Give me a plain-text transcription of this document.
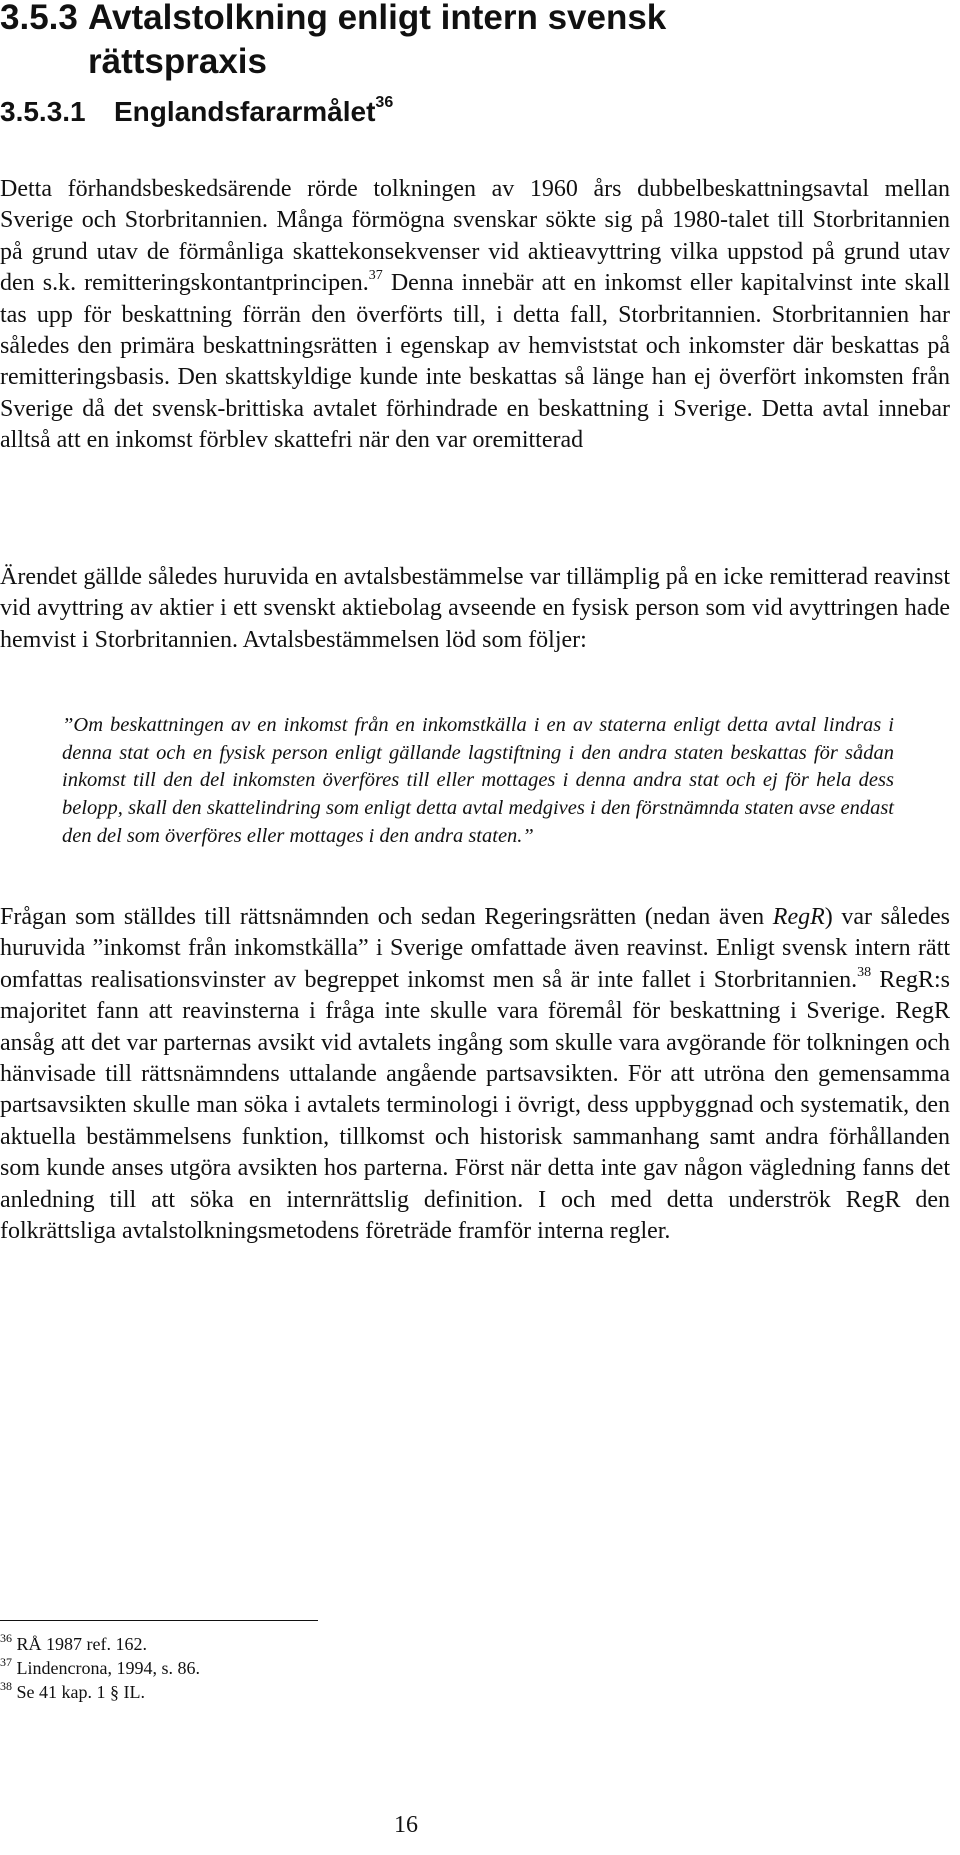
3.5.3 Avtalstolkning enligt intern svensk rättspraxis
3.5.3.1 Englandsfararmålet$^{36}$

Detta förhandsbeskedsärende rörde tolkningen av 1960 års dubbelbeskattningsavtal mellan Sverige och Storbritannien. Många förmögna svenskar sökte sig på 1980-talet till Storbritannien på grund utav de förmånliga skattekonsekvenser vid aktieavyttring vilka uppstod på grund utav den s.k. remitteringskontantprincipen.$^{37}$ Denna innebär att en inkomst eller kapitalvinst inte skall tas upp för beskattning förrän den överförts till, i detta fall, Storbritannien. Storbritannien har således den primära beskattningsrätten i egenskap av hemviststat och inkomster där beskattas på remitteringsbasis. Den skattskyldige kunde inte beskattas så länge han ej överfört inkomsten från Sverige då det svensk-brittiska avtalet förhindrade en beskattning i Sverige. Detta avtal innebar alltså att en inkomst förblev skattefri när den var oremitterad

Ärendet gällde således huruvida en avtalsbestämmelse var tillämplig på en icke remitterad reavinst vid avyttring av aktier i ett svenskt aktiebolag avseende en fysisk person som vid avyttringen hade hemvist i Storbritannien. Avtalsbestämmelsen löd som följer:

”Om beskattningen av en inkomst från en inkomstkälla i en av staterna enligt detta avtal lindras i denna stat och en fysisk person enligt gällande lagstiftning i den andra staten beskattas för sådan inkomst till den del inkomsten överföres till eller mottages i denna andra stat och ej för hela dess belopp, skall den skattelindring som enligt detta avtal medgives i den förstnämnda staten avse endast den del som överföres eller mottages i den andra staten.”

Frågan som ställdes till rättsnämnden och sedan Regeringsrätten (nedan även RegR) var således huruvida ”inkomst från inkomstkälla” i Sverige omfattade även reavinst. Enligt svensk intern rätt omfattas realisationsvinster av begreppet inkomst men så är inte fallet i Storbritannien.$^{38}$ RegR:s majoritet fann att reavinsterna i fråga inte skulle vara föremål för beskattning i Sverige. RegR ansåg att det var parternas avsikt vid avtalets ingång som skulle vara avgörande för tolkningen och hänvisade till rättsnämndens uttalande angående partsavsikten. För att utröna den gemensamma partsavsikten skulle man söka i avtalets terminologi i övrigt, dess uppbyggnad och systematik, den aktuella bestämmelsens funktion, tillkomst och historisk sammanhang samt andra förhållanden som kunde anses utgöra avsikten hos parterna. Först när detta inte gav någon vägledning fanns det anledning till att söka en internrättslig definition. I och med detta underströk RegR den folkrättsliga avtalstolkningsmetodens företräde framför interna regler.

$^{36}$ RÅ 1987 ref. 162.
$^{37}$ Lindencrona, 1994, s. 86.
$^{38}$ Se 41 kap. 1 § IL.
16
